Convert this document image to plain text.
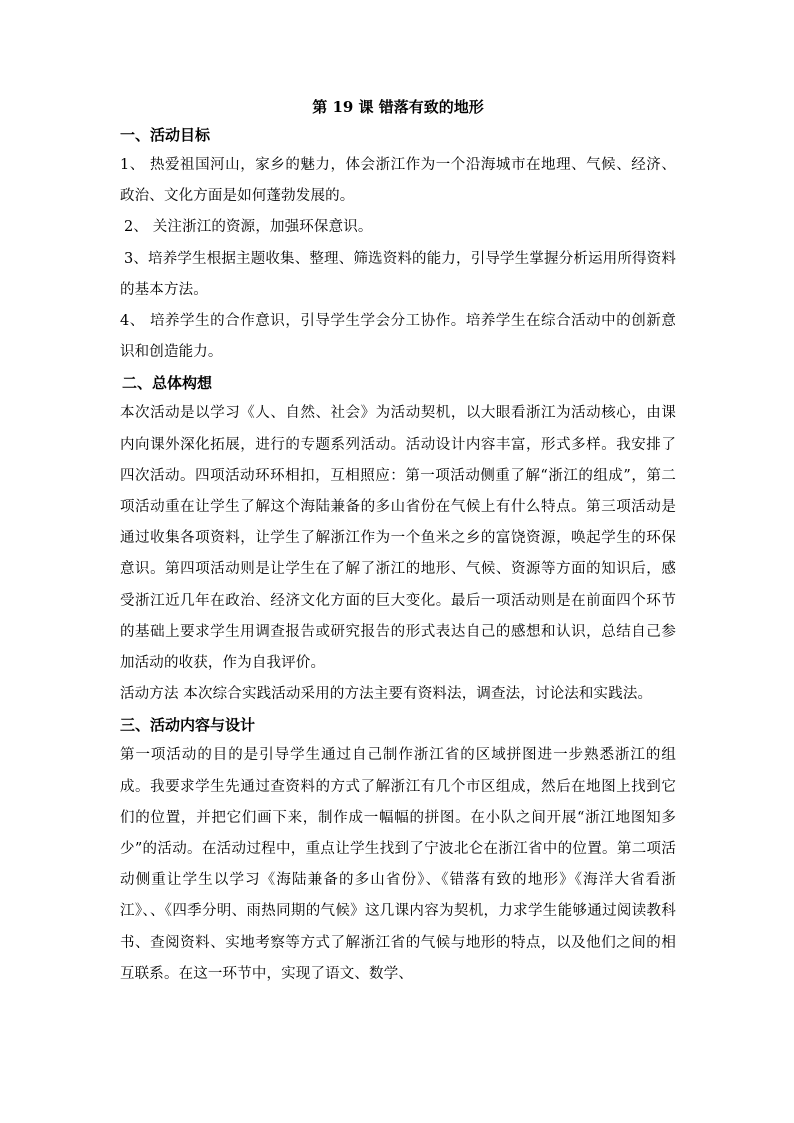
第 19 课 错落有致的地形
一、活动目标

1、 热爱祖国河山，家乡的魅力，体会浙江作为一个沿海城市在地理、气候、经济、政治、文化方面是如何蓬勃发展的。

2、 关注浙江的资源，加强环保意识。

3、培养学生根据主题收集、整理、筛选资料的能力，引导学生掌握分析运用所得资料的基本方法。

4、 培养学生的合作意识，引导学生学会分工协作。培养学生在综合活动中的创新意识和创造能力。

二、总体构想

本次活动是以学习《人、自然、社会》为活动契机，以大眼看浙江为活动核心，由课内向课外深化拓展，进行的专题系列活动。活动设计内容丰富，形式多样。我安排了四次活动。四项活动环环相扣，互相照应：第一项活动侧重了解“浙江的组成”，第二项活动重在让学生了解这个海陆兼备的多山省份在气候上有什么特点。第三项活动是通过收集各项资料，让学生了解浙江作为一个鱼米之乡的富饶资源，唤起学生的环保意识。第四项活动则是让学生在了解了浙江的地形、气候、资源等方面的知识后，感受浙江近几年在政治、经济文化方面的巨大变化。最后一项活动则是在前面四个环节的基础上要求学生用调查报告或研究报告的形式表达自己的感想和认识，总结自己参加活动的收获，作为自我评价。

活动方法 本次综合实践活动采用的方法主要有资料法，调查法，讨论法和实践法。

三、活动内容与设计

第一项活动的目的是引导学生通过自己制作浙江省的区域拼图进一步熟悉浙江的组成。我要求学生先通过查资料的方式了解浙江有几个市区组成，然后在地图上找到它们的位置，并把它们画下来，制作成一幅幅的拼图。在小队之间开展“浙江地图知多少”的活动。在活动过程中，重点让学生找到了宁波北仑在浙江省中的位置。第二项活动侧重让学生以学习《海陆兼备的多山省份》、《错落有致的地形》《海洋大省看浙江》、、《四季分明、雨热同期的气候》这几课内容为契机，力求学生能够通过阅读教科书、查阅资料、实地考察等方式了解浙江省的气候与地形的特点，以及他们之间的相互联系。在这一环节中，实现了语文、数学、
